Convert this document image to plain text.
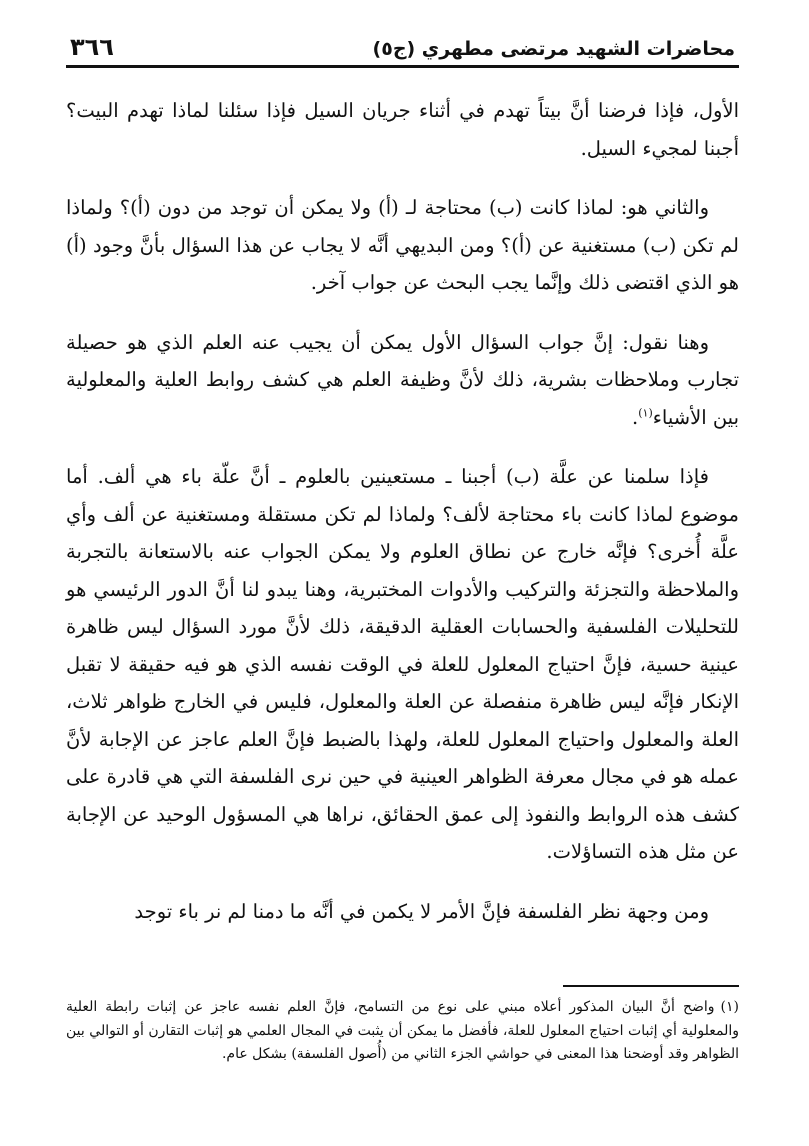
محاضرات الشهيد مرتضى مطهري (ج٥)
٣٦٦

الأول، فإذا فرضنا أنَّ بيتاً تهدم في أثناء جريان السيل فإذا سئلنا لماذا تهدم البيت؟ أجبنا لمجيء السيل.

والثاني هو: لماذا كانت (ب) محتاجة لـ (أ) ولا يمكن أن توجد من دون (أ)؟ ولماذا لم تكن (ب) مستغنية عن (أ)؟ ومن البديهي أنَّه لا يجاب عن هذا السؤال بأنَّ وجود (أ) هو الذي اقتضى ذلك وإنَّما يجب البحث عن جواب آخر.

وهنا نقول: إنَّ جواب السؤال الأول يمكن أن يجيب عنه العلم الذي هو حصيلة تجارب وملاحظات بشرية، ذلك لأنَّ وظيفة العلم هي كشف روابط العلية والمعلولية بين الأشياء$^{(١)}$.

فإذا سلمنا عن علَّة (ب) أجبنا ـ مستعينين بالعلوم ـ أنَّ علّة باء هي ألف. أما موضوع لماذا كانت باء محتاجة لألف؟ ولماذا لم تكن مستقلة ومستغنية عن ألف وأي علَّة أُخرى؟ فإنَّه خارج عن نطاق العلوم ولا يمكن الجواب عنه بالاستعانة بالتجربة والملاحظة والتجزئة والتركيب والأدوات المختبرية، وهنا يبدو لنا أنَّ الدور الرئيسي هو للتحليلات الفلسفية والحسابات العقلية الدقيقة، ذلك لأنَّ مورد السؤال ليس ظاهرة عينية حسية، فإنَّ احتياج المعلول للعلة في الوقت نفسه الذي هو فيه حقيقة لا تقبل الإنكار فإنَّه ليس ظاهرة منفصلة عن العلة والمعلول، فليس في الخارج ظواهر ثلاث، العلة والمعلول واحتياج المعلول للعلة، ولهذا بالضبط فإنَّ العلم عاجز عن الإجابة لأنَّ عمله هو في مجال معرفة الظواهر العينية في حين نرى الفلسفة التي هي قادرة على كشف هذه الروابط والنفوذ إلى عمق الحقائق، نراها هي المسؤول الوحيد عن الإجابة عن مثل هذه التساؤلات.

ومن وجهة نظر الفلسفة فإنَّ الأمر لا يكمن في أنَّه ما دمنا لم نر باء توجد

(١)واضح أنَّ البيان المذكور أعلاه مبني على نوع من التسامح، فإنَّ العلم نفسه عاجز عن إثبات رابطة العلية والمعلولية أي إثبات احتياج المعلول للعلة، فأفضل ما يمكن أن يثبت في المجال العلمي هو إثبات التقارن أو التوالي بين الظواهر وقد أوضحنا هذا المعنى في حواشي الجزء الثاني من (أُصول الفلسفة) بشكل عام.
